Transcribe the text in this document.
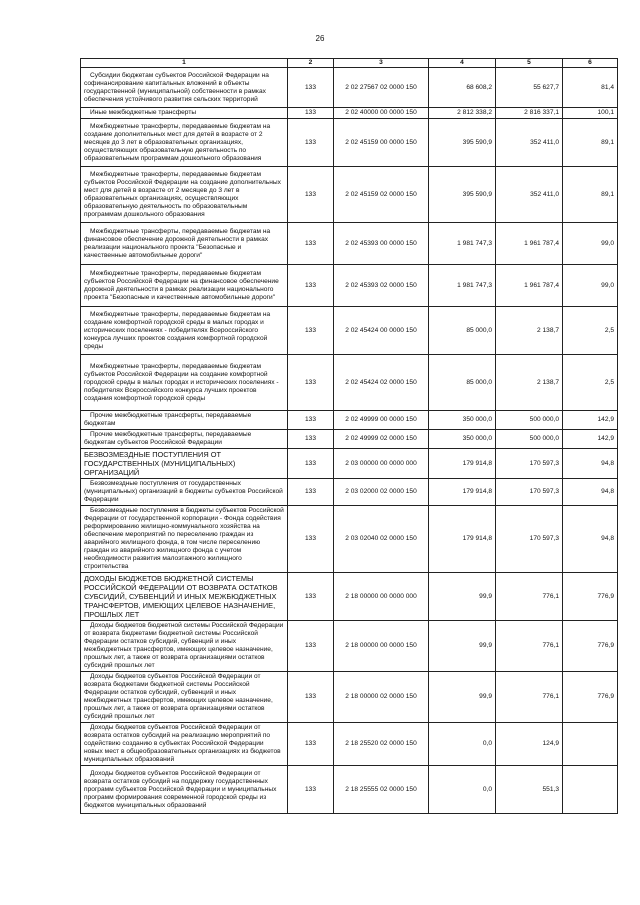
26
1	2	3	4	5	6
Субсидии бюджетам субъектов Российской Федерации на софинансирование капитальных вложений в объекты государственной (муниципальной) собственности в рамках обеспечения устойчивого развития сельских территорий	133	2 02 27567 02 0000 150	68 608,2	55 627,7	81,4
Иные межбюджетные трансферты	133	2 02 40000 00 0000 150	2 812 338,2	2 816 337,1	100,1
Межбюджетные трансферты, передаваемые бюджетам на создание дополнительных мест для детей в возрасте от 2 месяцев до 3 лет в образовательных организациях, осуществляющих образовательную деятельность по образовательным программам дошкольного образования	133	2 02 45159 00 0000 150	395 590,9	352 411,0	89,1
Межбюджетные трансферты, передаваемые бюджетам субъектов Российской Федерации на создание дополнительных мест для детей в возрасте от 2 месяцев до 3 лет в образовательных организациях, осуществляющих образовательную деятельность по образовательным программам дошкольного образования	133	2 02 45159 02 0000 150	395 590,9	352 411,0	89,1
Межбюджетные трансферты, передаваемые бюджетам на финансовое обеспечение дорожной деятельности в рамках реализации национального проекта "Безопасные и качественные автомобильные дороги"	133	2 02 45393 00 0000 150	1 981 747,3	1 961 787,4	99,0
Межбюджетные трансферты, передаваемые бюджетам субъектов Российской Федерации на финансовое обеспечение дорожной деятельности в рамках реализации национального проекта "Безопасные и качественные автомобильные дороги"	133	2 02 45393 02 0000 150	1 981 747,3	1 961 787,4	99,0
Межбюджетные трансферты, передаваемые бюджетам на создание комфортной городской среды в малых городах и исторических поселениях - победителях Всероссийского конкурса лучших проектов создания комфортной городской среды	133	2 02 45424 00 0000 150	85 000,0	2 138,7	2,5
Межбюджетные трансферты, передаваемые бюджетам субъектов Российской Федерации на создание комфортной городской среды в малых городах и исторических поселениях - победителях Всероссийского конкурса лучших проектов создания комфортной городской среды	133	2 02 45424 02 0000 150	85 000,0	2 138,7	2,5
Прочие межбюджетные трансферты, передаваемые бюджетам	133	2 02 49999 00 0000 150	350 000,0	500 000,0	142,9
Прочие межбюджетные трансферты, передаваемые бюджетам субъектов Российской Федерации	133	2 02 49999 02 0000 150	350 000,0	500 000,0	142,9
БЕЗВОЗМЕЗДНЫЕ ПОСТУПЛЕНИЯ ОТ ГОСУДАРСТВЕННЫХ (МУНИЦИПАЛЬНЫХ) ОРГАНИЗАЦИЙ	133	2 03 00000 00 0000 000	179 914,8	170 597,3	94,8
Безвозмездные поступления от государственных (муниципальных) организаций в бюджеты субъектов Российской Федерации	133	2 03 02000 02 0000 150	179 914,8	170 597,3	94,8
Безвозмездные поступления в бюджеты субъектов Российской Федерации от государственной корпорации - Фонда содействия реформированию жилищно-коммунального хозяйства на обеспечение мероприятий по переселению граждан из аварийного жилищного фонда, в том числе переселению граждан из аварийного жилищного фонда с учетом необходимости развития малоэтажного жилищного строительства	133	2 03 02040 02 0000 150	179 914,8	170 597,3	94,8
ДОХОДЫ БЮДЖЕТОВ БЮДЖЕТНОЙ СИСТЕМЫ РОССИЙСКОЙ ФЕДЕРАЦИИ ОТ ВОЗВРАТА ОСТАТКОВ СУБСИДИЙ, СУБВЕНЦИЙ И ИНЫХ МЕЖБЮДЖЕТНЫХ ТРАНСФЕРТОВ, ИМЕЮЩИХ ЦЕЛЕВОЕ НАЗНАЧЕНИЕ, ПРОШЛЫХ ЛЕТ	133	2 18 00000 00 0000 000	99,9	776,1	776,9
Доходы бюджетов бюджетной системы Российской Федерации от возврата бюджетами бюджетной системы Российской Федерации остатков субсидий, субвенций и иных межбюджетных трансфертов, имеющих целевое назначение, прошлых лет, а также от возврата организациями остатков субсидий прошлых лет	133	2 18 00000 00 0000 150	99,9	776,1	776,9
Доходы бюджетов субъектов Российской Федерации от возврата бюджетами бюджетной системы Российской Федерации остатков субсидий, субвенций и иных межбюджетных трансфертов, имеющих целевое назначение, прошлых лет, а также от возврата организациями остатков субсидий прошлых лет	133	2 18 00000 02 0000 150	99,9	776,1	776,9
Доходы бюджетов субъектов Российской Федерации от возврата остатков субсидий на реализацию мероприятий по содействию созданию в субъектах Российской Федерации новых мест в общеобразовательных организациях из бюджетов муниципальных образований	133	2 18 25520 02 0000 150	0,0	124,9	
Доходы бюджетов субъектов Российской Федерации от возврата остатков субсидий на поддержку государственных программ субъектов Российской Федерации и муниципальных программ формирования современной городской среды из бюджетов муниципальных образований	133	2 18 25555 02 0000 150	0,0	551,3	
